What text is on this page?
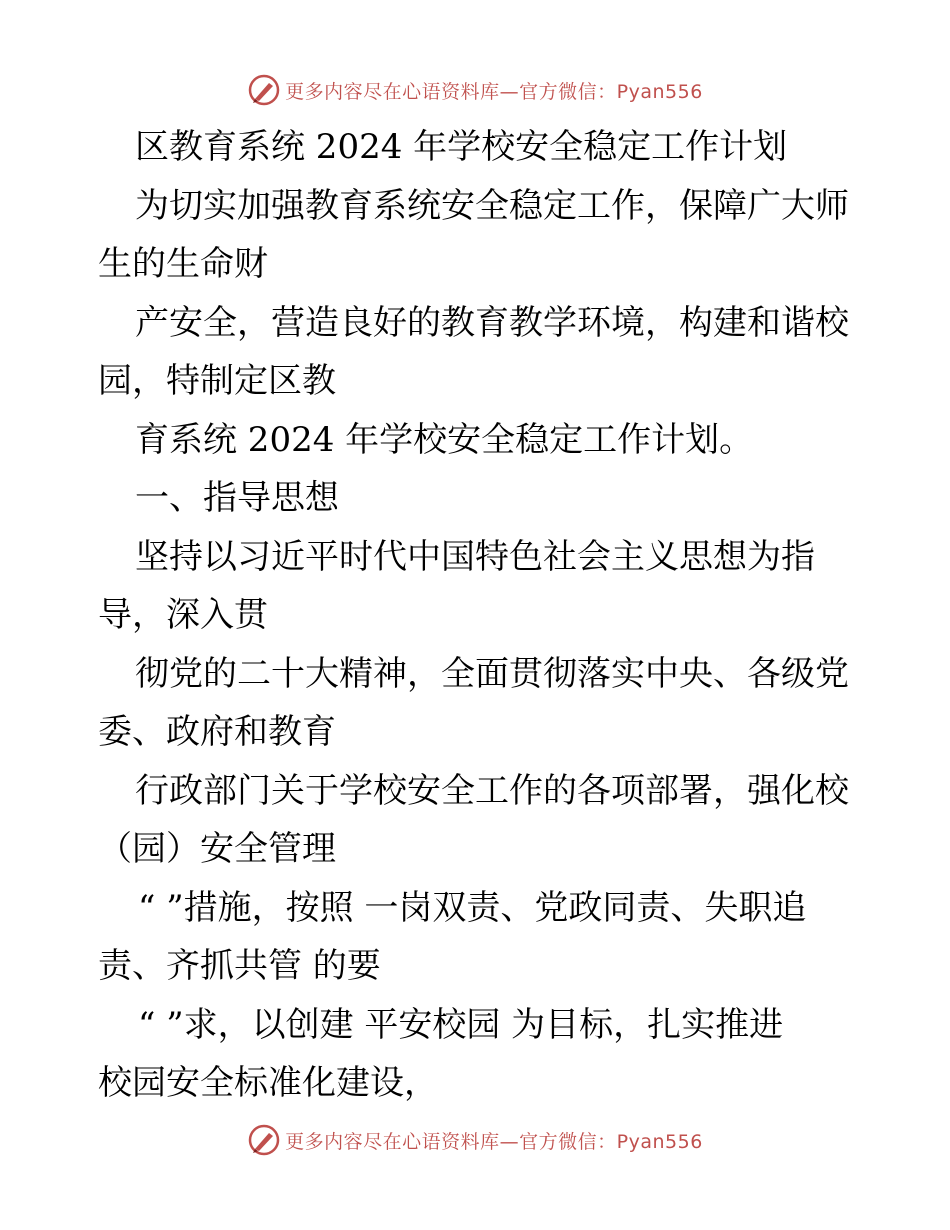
更多内容尽在心语资料库—官方微信：Pyan556
区教育系统 2024 年学校安全稳定工作计划
为切实加强教育系统安全稳定工作，保障广大师
生的生命财
产安全，营造良好的教育教学环境，构建和谐校
园，特制定区教
育系统 2024 年学校安全稳定工作计划。
一、指导思想
坚持以习近平时代中国特色社会主义思想为指
导，深入贯
彻党的二十大精神，全面贯彻落实中央、各级党
委、政府和教育
行政部门关于学校安全工作的各项部署，强化校
（园）安全管理
“ ”措施，按照 一岗双责、党政同责、失职追
责、齐抓共管 的要
“ ”求，以创建 平安校园 为目标，扎实推进
校园安全标准化建设，
更多内容尽在心语资料库—官方微信：Pyan556
